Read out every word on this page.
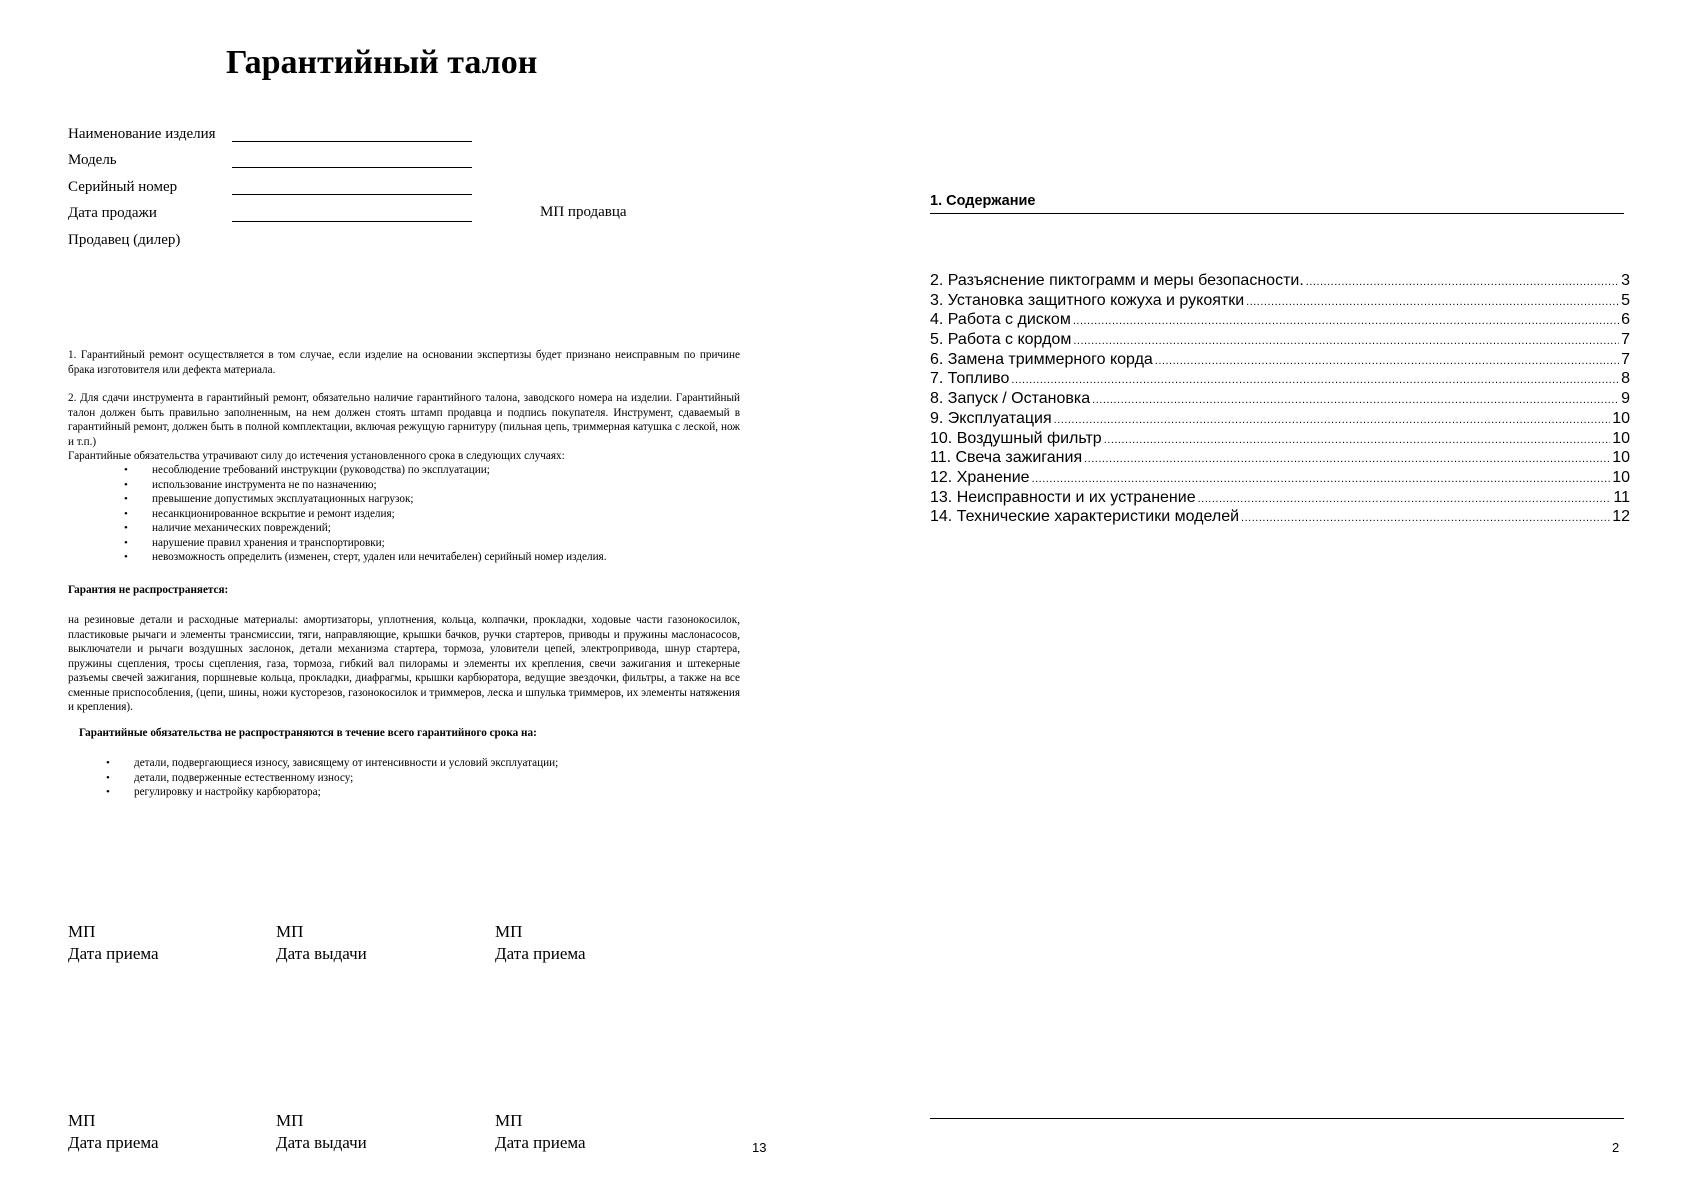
Гарантийный талон
Наименование изделия
Модель
Серийный номер
Дата продажи
Продавец (дилер)
МП продавца
1. Гарантийный ремонт осуществляется в том случае, если изделие на основании экспертизы будет признано неисправным по причине брака изготовителя или дефекта материала.
2. Для сдачи инструмента в гарантийный ремонт, обязательно наличие гарантийного талона, заводского номера на изделии. Гарантийный талон должен быть правильно заполненным, на нем должен стоять штамп продавца и подпись покупателя. Инструмент, сдаваемый в гарантийный ремонт, должен быть в полной комплектации, включая режущую гарнитуру (пильная цепь, триммерная катушка с леской, нож и т.п.)
Гарантийные обязательства утрачивают силу до истечения установленного срока в следующих случаях:
• несоблюдение требований инструкции (руководства) по эксплуатации;
• использование инструмента не по назначению;
• превышение допустимых эксплуатационных нагрузок;
• несанкционированное вскрытие и ремонт изделия;
• наличие механических повреждений;
• нарушение правил хранения и транспортировки;
• невозможность определить (изменен, стерт, удален или нечитабелен) серийный номер изделия.
Гарантия не распространяется:
на резиновые детали и расходные материалы: амортизаторы, уплотнения, кольца, колпачки, прокладки, ходовые части газонокосилок, пластиковые рычаги и элементы трансмиссии, тяги, направляющие, крышки бачков, ручки стартеров, приводы и пружины маслонасосов, выключатели и рычаги воздушных заслонок, детали механизма стартера, тормоза, уловители цепей, электропривода, шнур стартера, пружины сцепления, тросы сцепления, газа, тормоза, гибкий вал пилорамы и элементы их крепления, свечи зажигания и штекерные разъемы свечей зажигания, поршневые кольца, прокладки, диафрагмы, крышки карбюратора, ведущие звездочки, фильтры, а также на все сменные приспособления, (цепи, шины, ножи кусторезов, газонокосилок и триммеров, леска и шпулька триммеров, их элементы натяжения и крепления).
Гарантийные обязательства не распространяются в течение всего гарантийного срока на:
• детали, подвергающиеся износу, зависящему от интенсивности и условий эксплуатации;
• детали, подверженные естественному износу;
• регулировку и настройку карбюратора;
МП
Дата приема
МП
Дата выдачи
МП
Дата приема
МП
Дата приема
МП
Дата выдачи
МП
Дата приема	13
1. Содержание
2. Разъяснение пиктограмм и меры безопасности. .....	3
3. Установка защитного кожуха и рукоятки .....	5
4. Работа с диском .....	6
5. Работа с кордом .....	7
6. Замена триммерного корда .....	7
7. Топливо .....	8
8. Запуск / Остановка .....	9
9. Эксплуатация .....	10
10. Воздушный фильтр .....	10
11. Свеча зажигания .....	10
12. Хранение .....	10
13. Неисправности и их устранение .....	11
14. Технические характеристики моделей .....	12
2
